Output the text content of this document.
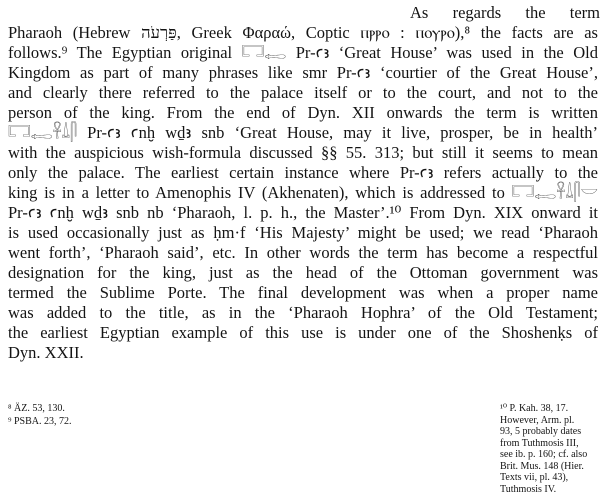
As regards the term
Pharaoh (Hebrew פַּרְעֹה, Greek Φαραώ, Coptic ⲡⲣⲣⲟ : ⲡⲟⲩⲣⲟ),⁸ the facts are as
follows.⁹ The Egyptian original 𓉐𓉻 Pr-ꜥꜣ ‘Great House’ was used in the Old
Kingdom as part of many phrases like smr Pr-ꜥꜣ ‘courtier of the Great House’,
and clearly there referred to the palace itself or to the court, and not to the
person of the king. From the end of Dyn. XII onwards the term is written
𓉐𓉻𓋹𓍑𓋴 Pr-ꜥꜣ ꜥnḫ wḏꜣ snb ‘Great House, may it live, prosper, be in health’
with the auspicious wish-formula discussed §§ 55. 313; but still it seems to mean
only the palace. The earliest certain instance where Pr-ꜥꜣ refers actually to the
king is in a letter to Amenophis IV (Akhenaten), which is addressed to 𓉐𓉻𓋹𓍑𓋴𓎟
Pr-ꜥꜣ ꜥnḫ wḏꜣ snb nb ‘Pharaoh, l. p. h., the Master’.¹⁰ From Dyn. XIX onward it
is used occasionally just as ḥm·f ‘His Majesty’ might be used; we read ‘Pharaoh
went forth’, ‘Pharaoh said’, etc. In other words the term has become a respectful
designation for the king, just as the head of the Ottoman government was
termed the Sublime Porte. The final development was when a proper name
was added to the title, as in the ‘Pharaoh Hophra’ of the Old Testament;
the earliest Egyptian example of this use is under one of the Shoshenḳs of
Dyn. XXII.
⁸ ÄZ. 53, 130.
⁹ PSBA. 23, 72.
¹⁰ P. Kah. 38, 17.
However, Arm. pl.
93, 5 probably dates
from Tuthmosis III,
see ib. p. 160; cf. also
Brit. Mus. 148 (Hier.
Texts vii, pl. 43),
Tuthmosis IV.
